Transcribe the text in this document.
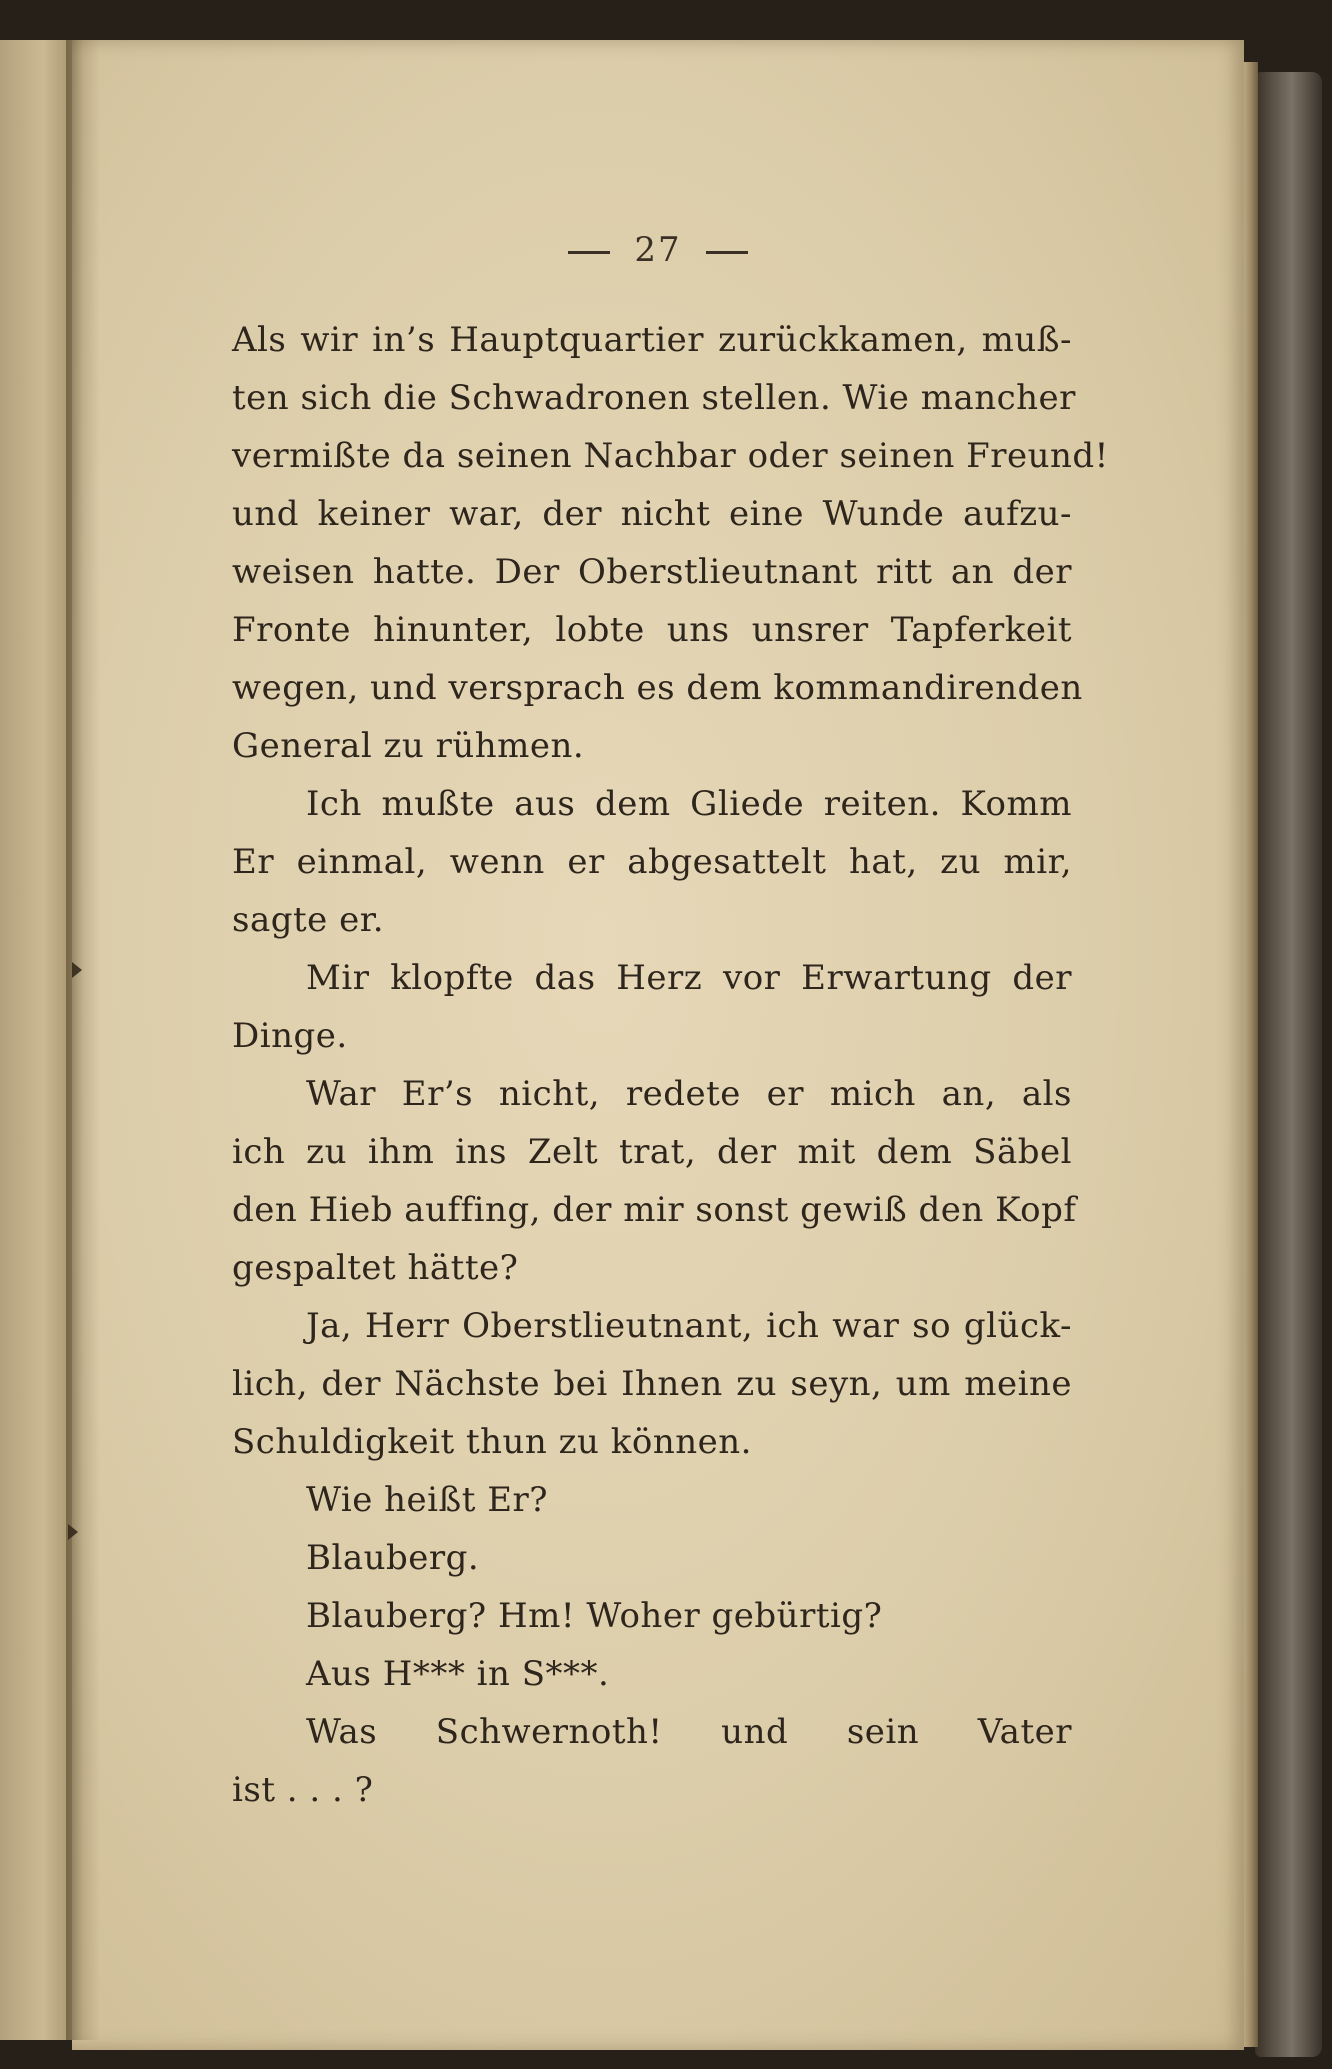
27
Als wir in’s Hauptquartier zurückkamen, muß-
ten sich die Schwadronen stellen. Wie mancher
vermißte da seinen Nachbar oder seinen Freund!
und keiner war, der nicht eine Wunde aufzu-
weisen hatte. Der Oberstlieutnant ritt an der
Fronte hinunter, lobte uns unsrer Tapferkeit
wegen, und versprach es dem kommandirenden
General zu rühmen.
Ich mußte aus dem Gliede reiten. Komm
Er einmal, wenn er abgesattelt hat, zu mir,
sagte er.
Mir klopfte das Herz vor Erwartung der
Dinge.
War Er’s nicht, redete er mich an, als
ich zu ihm ins Zelt trat, der mit dem Säbel
den Hieb auffing, der mir sonst gewiß den Kopf
gespaltet hätte?
Ja, Herr Oberstlieutnant, ich war so glück-
lich, der Nächste bei Ihnen zu seyn, um meine
Schuldigkeit thun zu können.
Wie heißt Er?
Blauberg.
Blauberg? Hm! Woher gebürtig?
Aus H*** in S***.
Was Schwernoth! und sein Vater
ist . . . ?
